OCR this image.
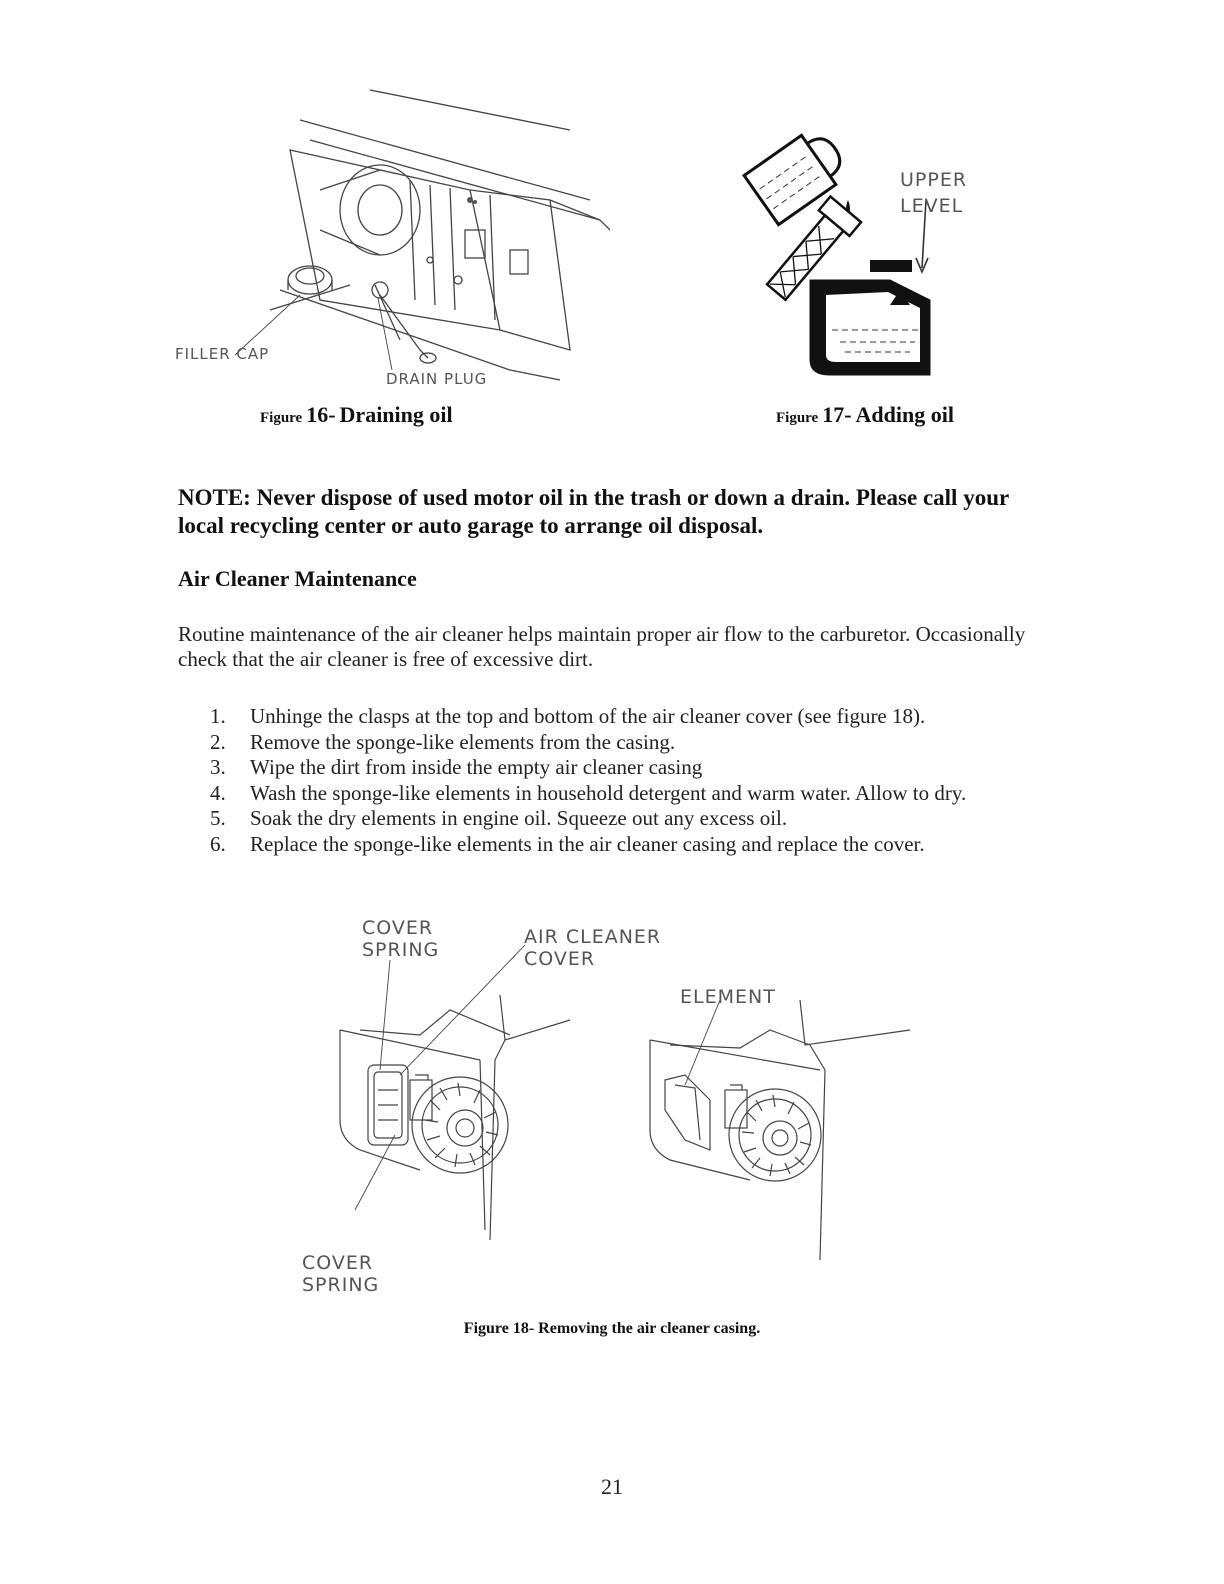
FILLER CAP
DRAIN PLUG
Figure 16- Draining oil
UPPER
LEVEL
Figure 17- Adding oil
NOTE: Never dispose of used motor oil in the trash or down a drain. Please call your local recycling center or auto garage to arrange oil disposal.
Air Cleaner Maintenance
Routine maintenance of the air cleaner helps maintain proper air flow to the carburetor. Occasionally check that the air cleaner is free of excessive dirt.
1. Unhinge the clasps at the top and bottom of the air cleaner cover (see figure 18).
2. Remove the sponge-like elements from the casing.
3. Wipe the dirt from inside the empty air cleaner casing
4. Wash the sponge-like elements in household detergent and warm water. Allow to dry.
5. Soak the dry elements in engine oil. Squeeze out any excess oil.
6. Replace the sponge-like elements in the air cleaner casing and replace the cover.
COVER
SPRING
AIR CLEANER
COVER
ELEMENT
COVER
SPRING
Figure 18- Removing the air cleaner casing.
21
